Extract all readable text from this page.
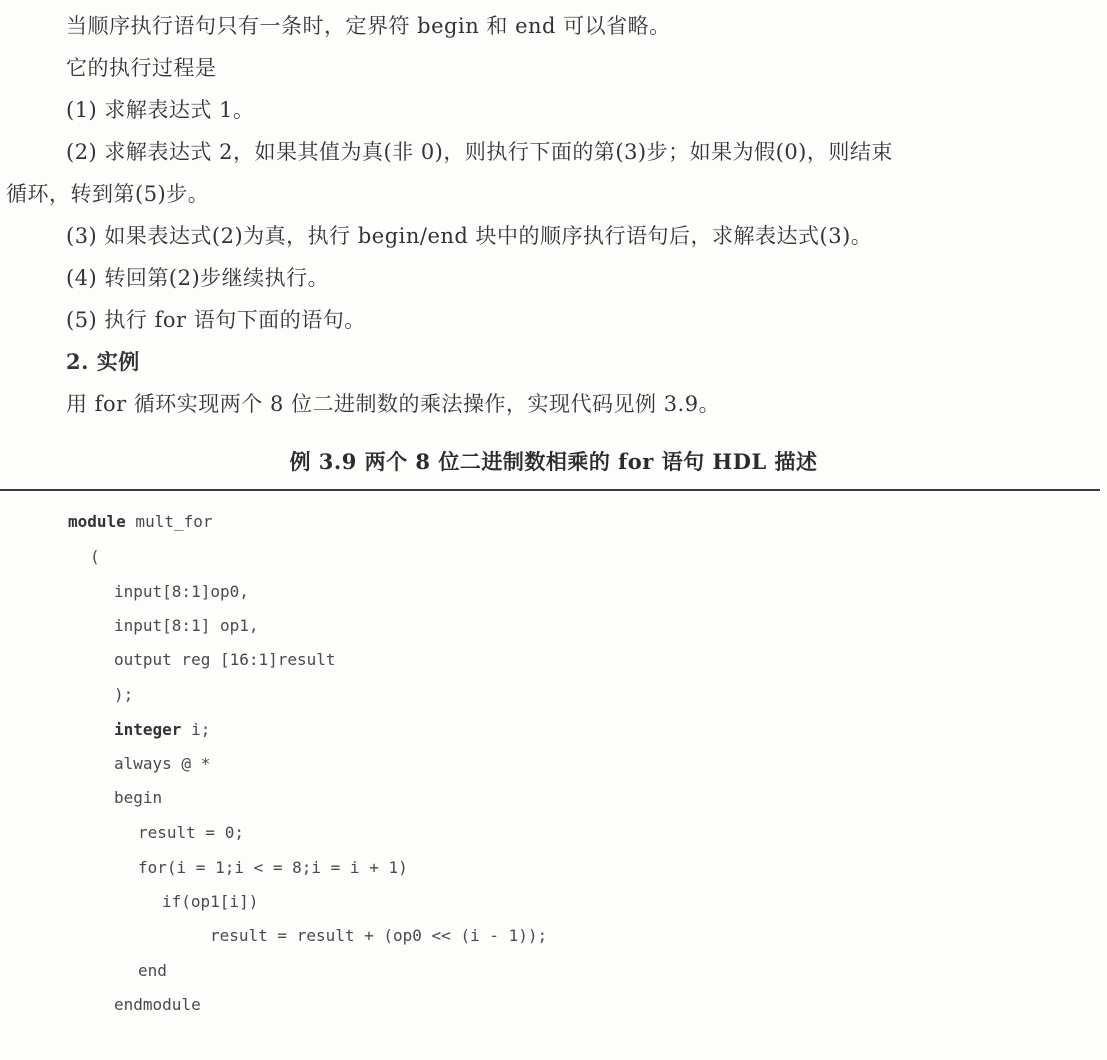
当顺序执行语句只有一条时，定界符 begin 和 end 可以省略。

它的执行过程是

(1) 求解表达式 1。

(2) 求解表达式 2，如果其值为真(非 0)，则执行下面的第(3)步；如果为假(0)，则结束

循环，转到第(5)步。

(3) 如果表达式(2)为真，执行 begin/end 块中的顺序执行语句后，求解表达式(3)。

(4) 转回第(2)步继续执行。

(5) 执行 for 语句下面的语句。

2. 实例

用 for 循环实现两个 8 位二进制数的乘法操作，实现代码见例 3.9。

例 3.9 两个 8 位二进制数相乘的 for 语句 HDL 描述
module mult_for
(
input[8:1]op0,
input[8:1] op1,
output reg [16:1]result
);
integer i;
always @ *
begin
result = 0;
for(i = 1;i < = 8;i = i + 1)
if(op1[i])
result = result + (op0 << (i - 1));
end
endmodule
